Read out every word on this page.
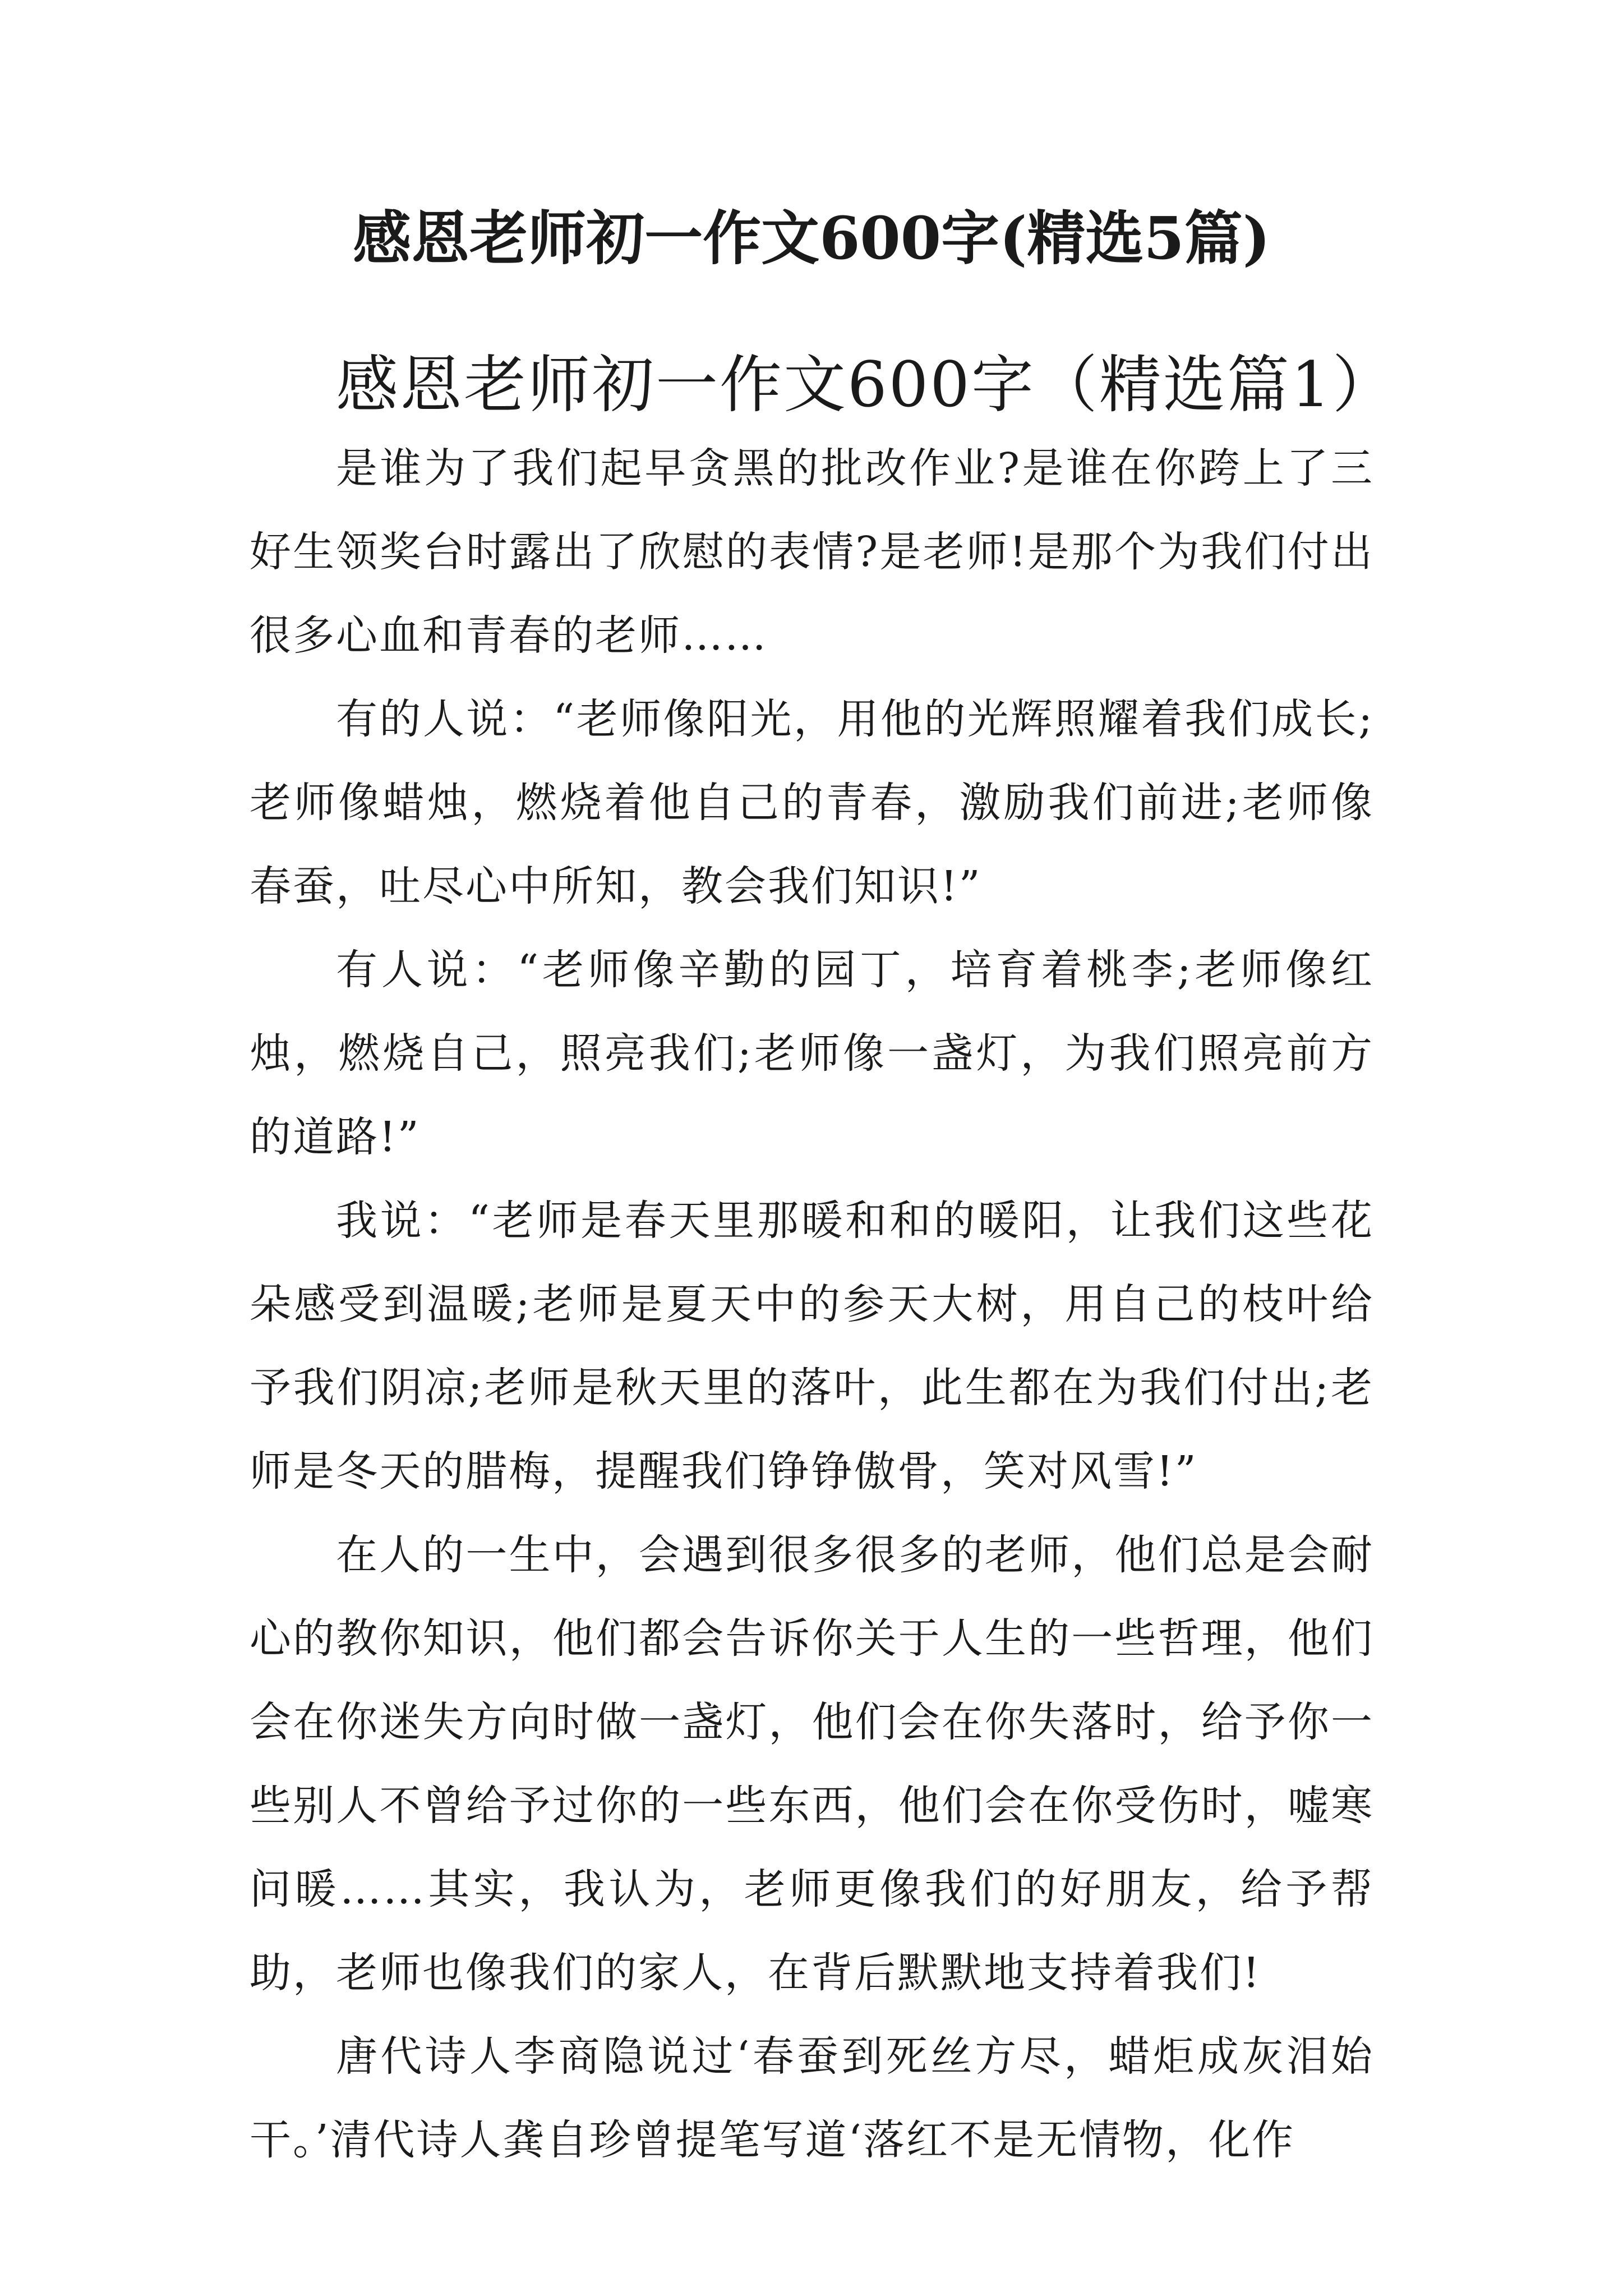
感恩老师初一作文600字(精选5篇)
感恩老师初一作文600字（精选篇1）

是谁为了我们起早贪黑的批改作业?是谁在你跨上了三好生领奖台时露出了欣慰的表情?是老师!是那个为我们付出很多心血和青春的老师……

有的人说：“老师像阳光，用他的光辉照耀着我们成长;老师像蜡烛，燃烧着他自己的青春，激励我们前进;老师像春蚕，吐尽心中所知，教会我们知识!”

有人说：“老师像辛勤的园丁，培育着桃李;老师像红烛，燃烧自己，照亮我们;老师像一盏灯，为我们照亮前方的道路!”

我说：“老师是春天里那暖和和的暖阳，让我们这些花朵感受到温暖;老师是夏天中的参天大树，用自己的枝叶给予我们阴凉;老师是秋天里的落叶，此生都在为我们付出;老师是冬天的腊梅，提醒我们铮铮傲骨，笑对风雪!”

在人的一生中，会遇到很多很多的老师，他们总是会耐心的教你知识，他们都会告诉你关于人生的一些哲理，他们会在你迷失方向时做一盏灯，他们会在你失落时，给予你一些别人不曾给予过你的一些东西，他们会在你受伤时，嘘寒问暖……其实，我认为，老师更像我们的好朋友，给予帮助，老师也像我们的家人，在背后默默地支持着我们!

唐代诗人李商隐说过‘春蚕到死丝方尽，蜡炬成灰泪始干。’清代诗人龚自珍曾提笔写道‘落红不是无情物，化作
